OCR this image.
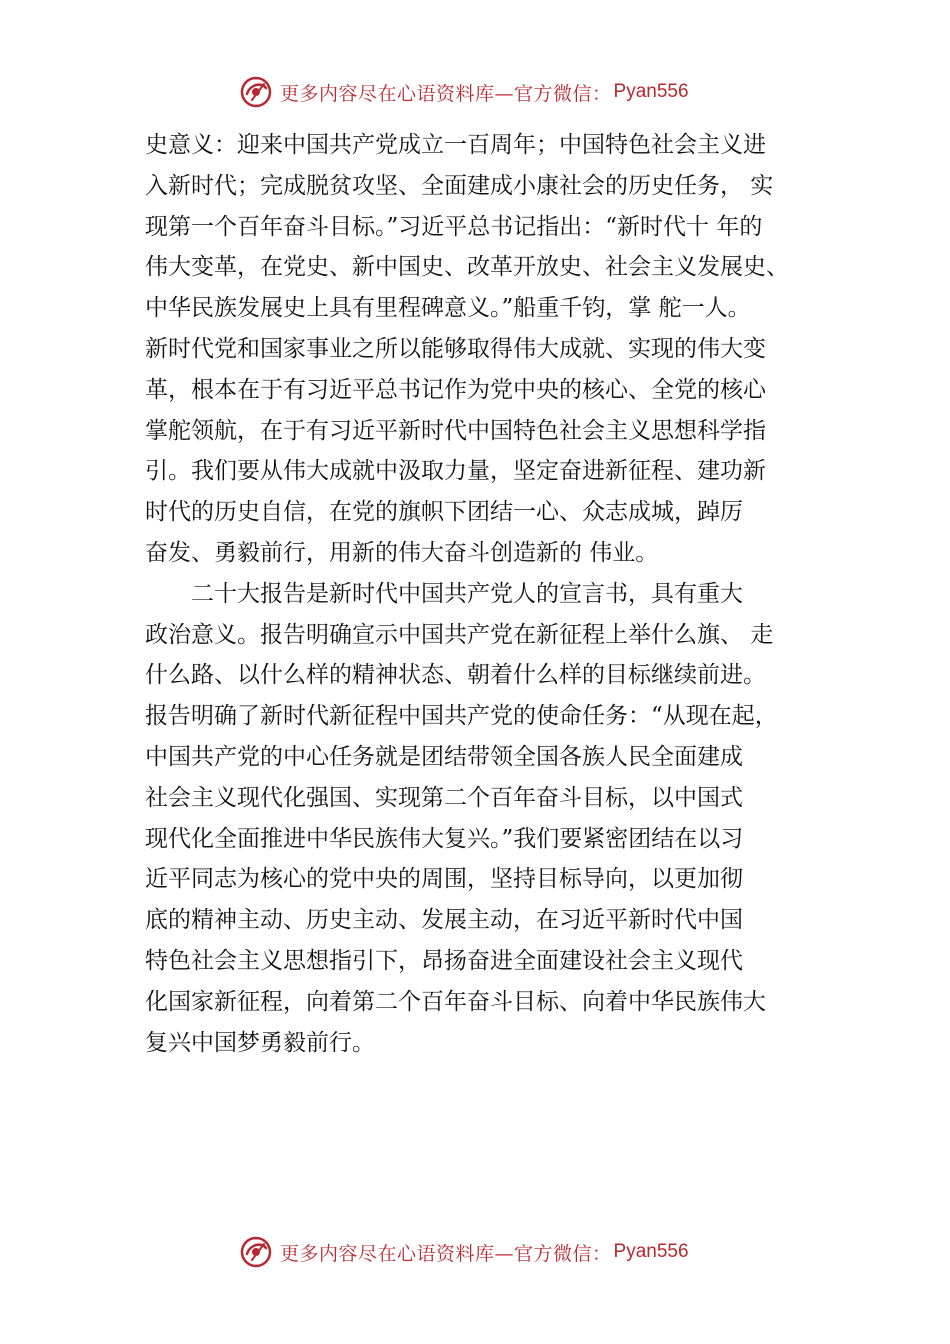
更多内容尽在心语资料库—官方微信： Pyan556
史意义：迎来中国共产党成立一百周年；中国特色社会主义进
入新时代；完成脱贫攻坚、全面建成小康社会的历史任务， 实
现第一个百年奋斗目标。”习近平总书记指出：“新时代十 年的
伟大变革，在党史、新中国史、改革开放史、社会主义发展史、
中华民族发展史上具有里程碑意义。”船重千钧，掌 舵一人。
新时代党和国家事业之所以能够取得伟大成就、实现的伟大变
革，根本在于有习近平总书记作为党中央的核心、全党的核心
掌舵领航，在于有习近平新时代中国特色社会主义思想科学指
引。我们要从伟大成就中汲取力量，坚定奋进新征程、建功新
时代的历史自信，在党的旗帜下团结一心、众志成城，踔厉
奋发、勇毅前行，用新的伟大奋斗创造新的 伟业。
　　二十大报告是新时代中国共产党人的宣言书，具有重大
政治意义。报告明确宣示中国共产党在新征程上举什么旗、 走
什么路、以什么样的精神状态、朝着什么样的目标继续前进。
报告明确了新时代新征程中国共产党的使命任务：“从现在起，
中国共产党的中心任务就是团结带领全国各族人民全面建成
社会主义现代化强国、实现第二个百年奋斗目标，以中国式
现代化全面推进中华民族伟大复兴。”我们要紧密团结在以习
近平同志为核心的党中央的周围，坚持目标导向，以更加彻
底的精神主动、历史主动、发展主动，在习近平新时代中国
特色社会主义思想指引下，昂扬奋进全面建设社会主义现代
化国家新征程，向着第二个百年奋斗目标、向着中华民族伟大
复兴中国梦勇毅前行。
更多内容尽在心语资料库—官方微信： Pyan556
